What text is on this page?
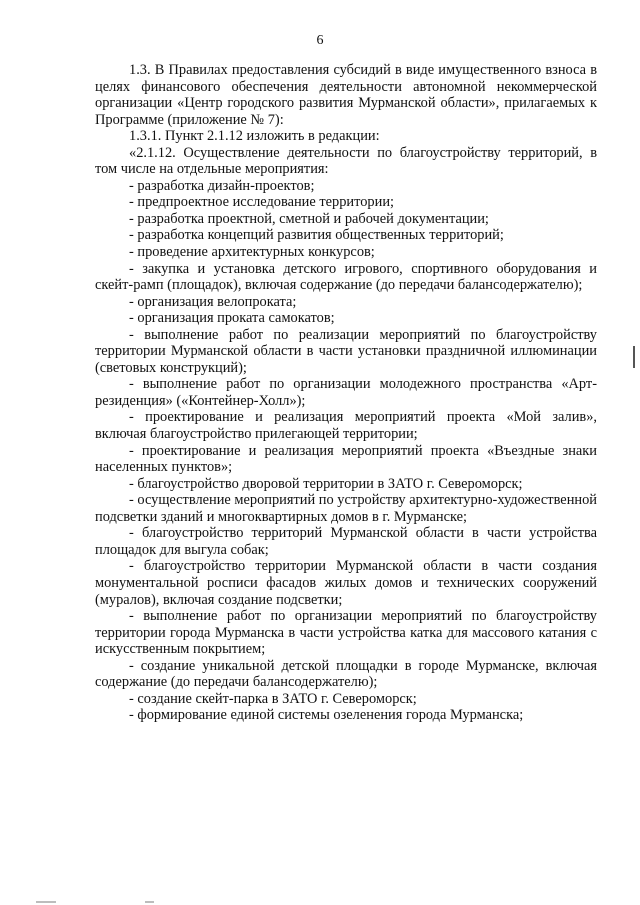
6

1.3. В Правилах предоставления субсидий в виде имущественного взноса в целях финансового обеспечения деятельности автономной некоммерческой организации «Центр городского развития Мурманской области», прилагаемых к Программе (приложение № 7):

1.3.1. Пункт 2.1.12 изложить в редакции:

«2.1.12. Осуществление деятельности по благоустройству территорий, в том числе на отдельные мероприятия:

- разработка дизайн-проектов;

- предпроектное исследование территории;

- разработка проектной, сметной и рабочей документации;

- разработка концепций развития общественных территорий;

- проведение архитектурных конкурсов;

- закупка и установка детского игрового, спортивного оборудования и скейт-рамп (площадок), включая содержание (до передачи балансодержателю);

- организация велопроката;

- организация проката самокатов;

- выполнение работ по реализации мероприятий по благоустройству территории Мурманской области в части установки праздничной иллюминации (световых конструкций);

- выполнение работ по организации молодежного пространства «Арт-резиденция» («Контейнер-Холл»);

- проектирование и реализация мероприятий проекта «Мой залив», включая благоустройство прилегающей территории;

- проектирование и реализация мероприятий проекта «Въездные знаки населенных пунктов»;

- благоустройство дворовой территории в ЗАТО г. Североморск;

- осуществление мероприятий по устройству архитектурно-художественной подсветки зданий и многоквартирных домов в г. Мурманске;

- благоустройство территорий Мурманской области в части устройства площадок для выгула собак;

- благоустройство территории Мурманской области в части создания монументальной росписи фасадов жилых домов и технических сооружений (муралов), включая создание подсветки;

- выполнение работ по организации мероприятий по благоустройству территории города Мурманска в части устройства катка для массового катания с искусственным покрытием;

- создание уникальной детской площадки в городе Мурманске, включая содержание (до передачи балансодержателю);

- создание скейт-парка в ЗАТО г. Североморск;

- формирование единой системы озеленения города Мурманска;
